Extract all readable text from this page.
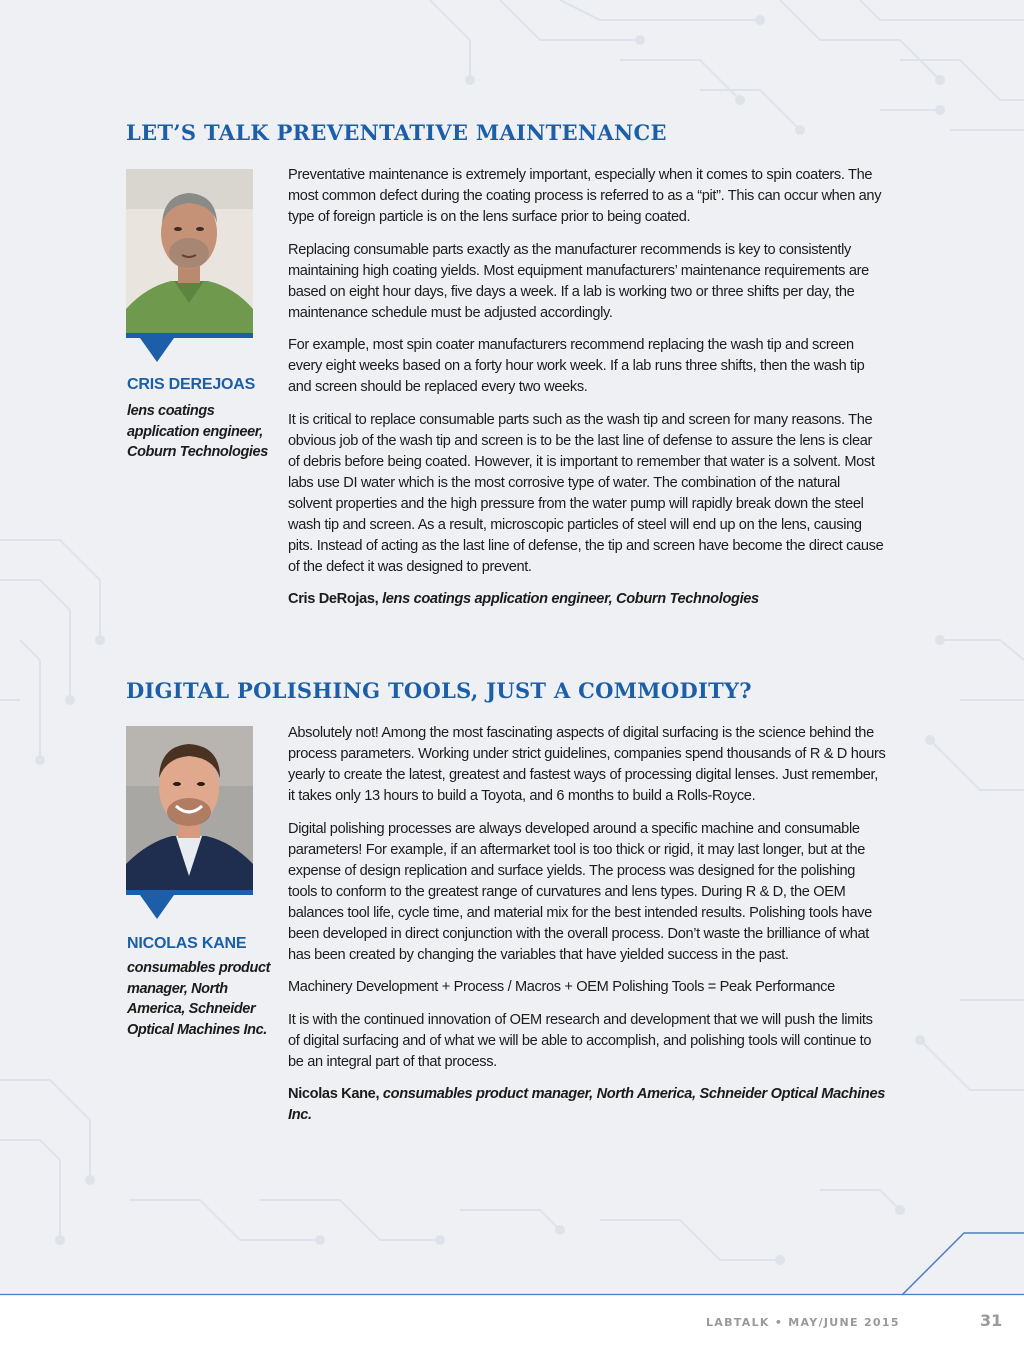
LET’S TALK PREVENTATIVE MAINTENANCE

CRIS DEREJOAS

lens coatings application engineer, Coburn Technologies

Preventative maintenance is extremely important, especially when it comes to spin coaters. The most common defect during the coating process is referred to as a “pit”. This can occur when any type of foreign particle is on the lens surface prior to being coated.

Replacing consumable parts exactly as the manufacturer recommends is key to consistently maintaining high coating yields. Most equipment manufacturers’ maintenance requirements are based on eight hour days, five days a week. If a lab is working two or three shifts per day, the maintenance schedule must be adjusted accordingly.

For example, most spin coater manufacturers recommend replacing the wash tip and screen every eight weeks based on a forty hour work week. If a lab runs three shifts, then the wash tip and screen should be replaced every two weeks.

It is critical to replace consumable parts such as the wash tip and screen for many reasons. The obvious job of the wash tip and screen is to be the last line of defense to assure the lens is clear of debris before being coated. However, it is important to remember that water is a solvent. Most labs use DI water which is the most corrosive type of water. The combination of the natural solvent properties and the high pressure from the water pump will rapidly break down the steel wash tip and screen. As a result, microscopic particles of steel will end up on the lens, causing pits. Instead of acting as the last line of defense, the tip and screen have become the direct cause of the defect it was designed to prevent.

Cris DeRojas, lens coatings application engineer, Coburn Technologies

DIGITAL POLISHING TOOLS, JUST A COMMODITY?

NICOLAS KANE

consumables product manager, North America, Schneider Optical Machines Inc.

Absolutely not! Among the most fascinating aspects of digital surfacing is the science behind the process parameters. Working under strict guidelines, companies spend thousands of R & D hours yearly to create the latest, greatest and fastest ways of processing digital lenses. Just remember, it takes only 13 hours to build a Toyota, and 6 months to build a Rolls-Royce.

Digital polishing processes are always developed around a specific machine and consumable parameters! For example, if an aftermarket tool is too thick or rigid, it may last longer, but at the expense of design replication and surface yields. The process was designed for the polishing tools to conform to the greatest range of curvatures and lens types. During R & D, the OEM balances tool life, cycle time, and material mix for the best intended results. Polishing tools have been developed in direct conjunction with the overall process. Don’t waste the brilliance of what has been created by changing the variables that have yielded success in the past.

Machinery Development + Process / Macros + OEM Polishing Tools = Peak Performance

It is with the continued innovation of OEM research and development that we will push the limits of digital surfacing and of what we will be able to accomplish, and polishing tools will continue to be an integral part of that process.

Nicolas Kane, consumables product manager, North America, Schneider Optical Machines Inc.

LABTALK • MAY/JUNE 2015	31
